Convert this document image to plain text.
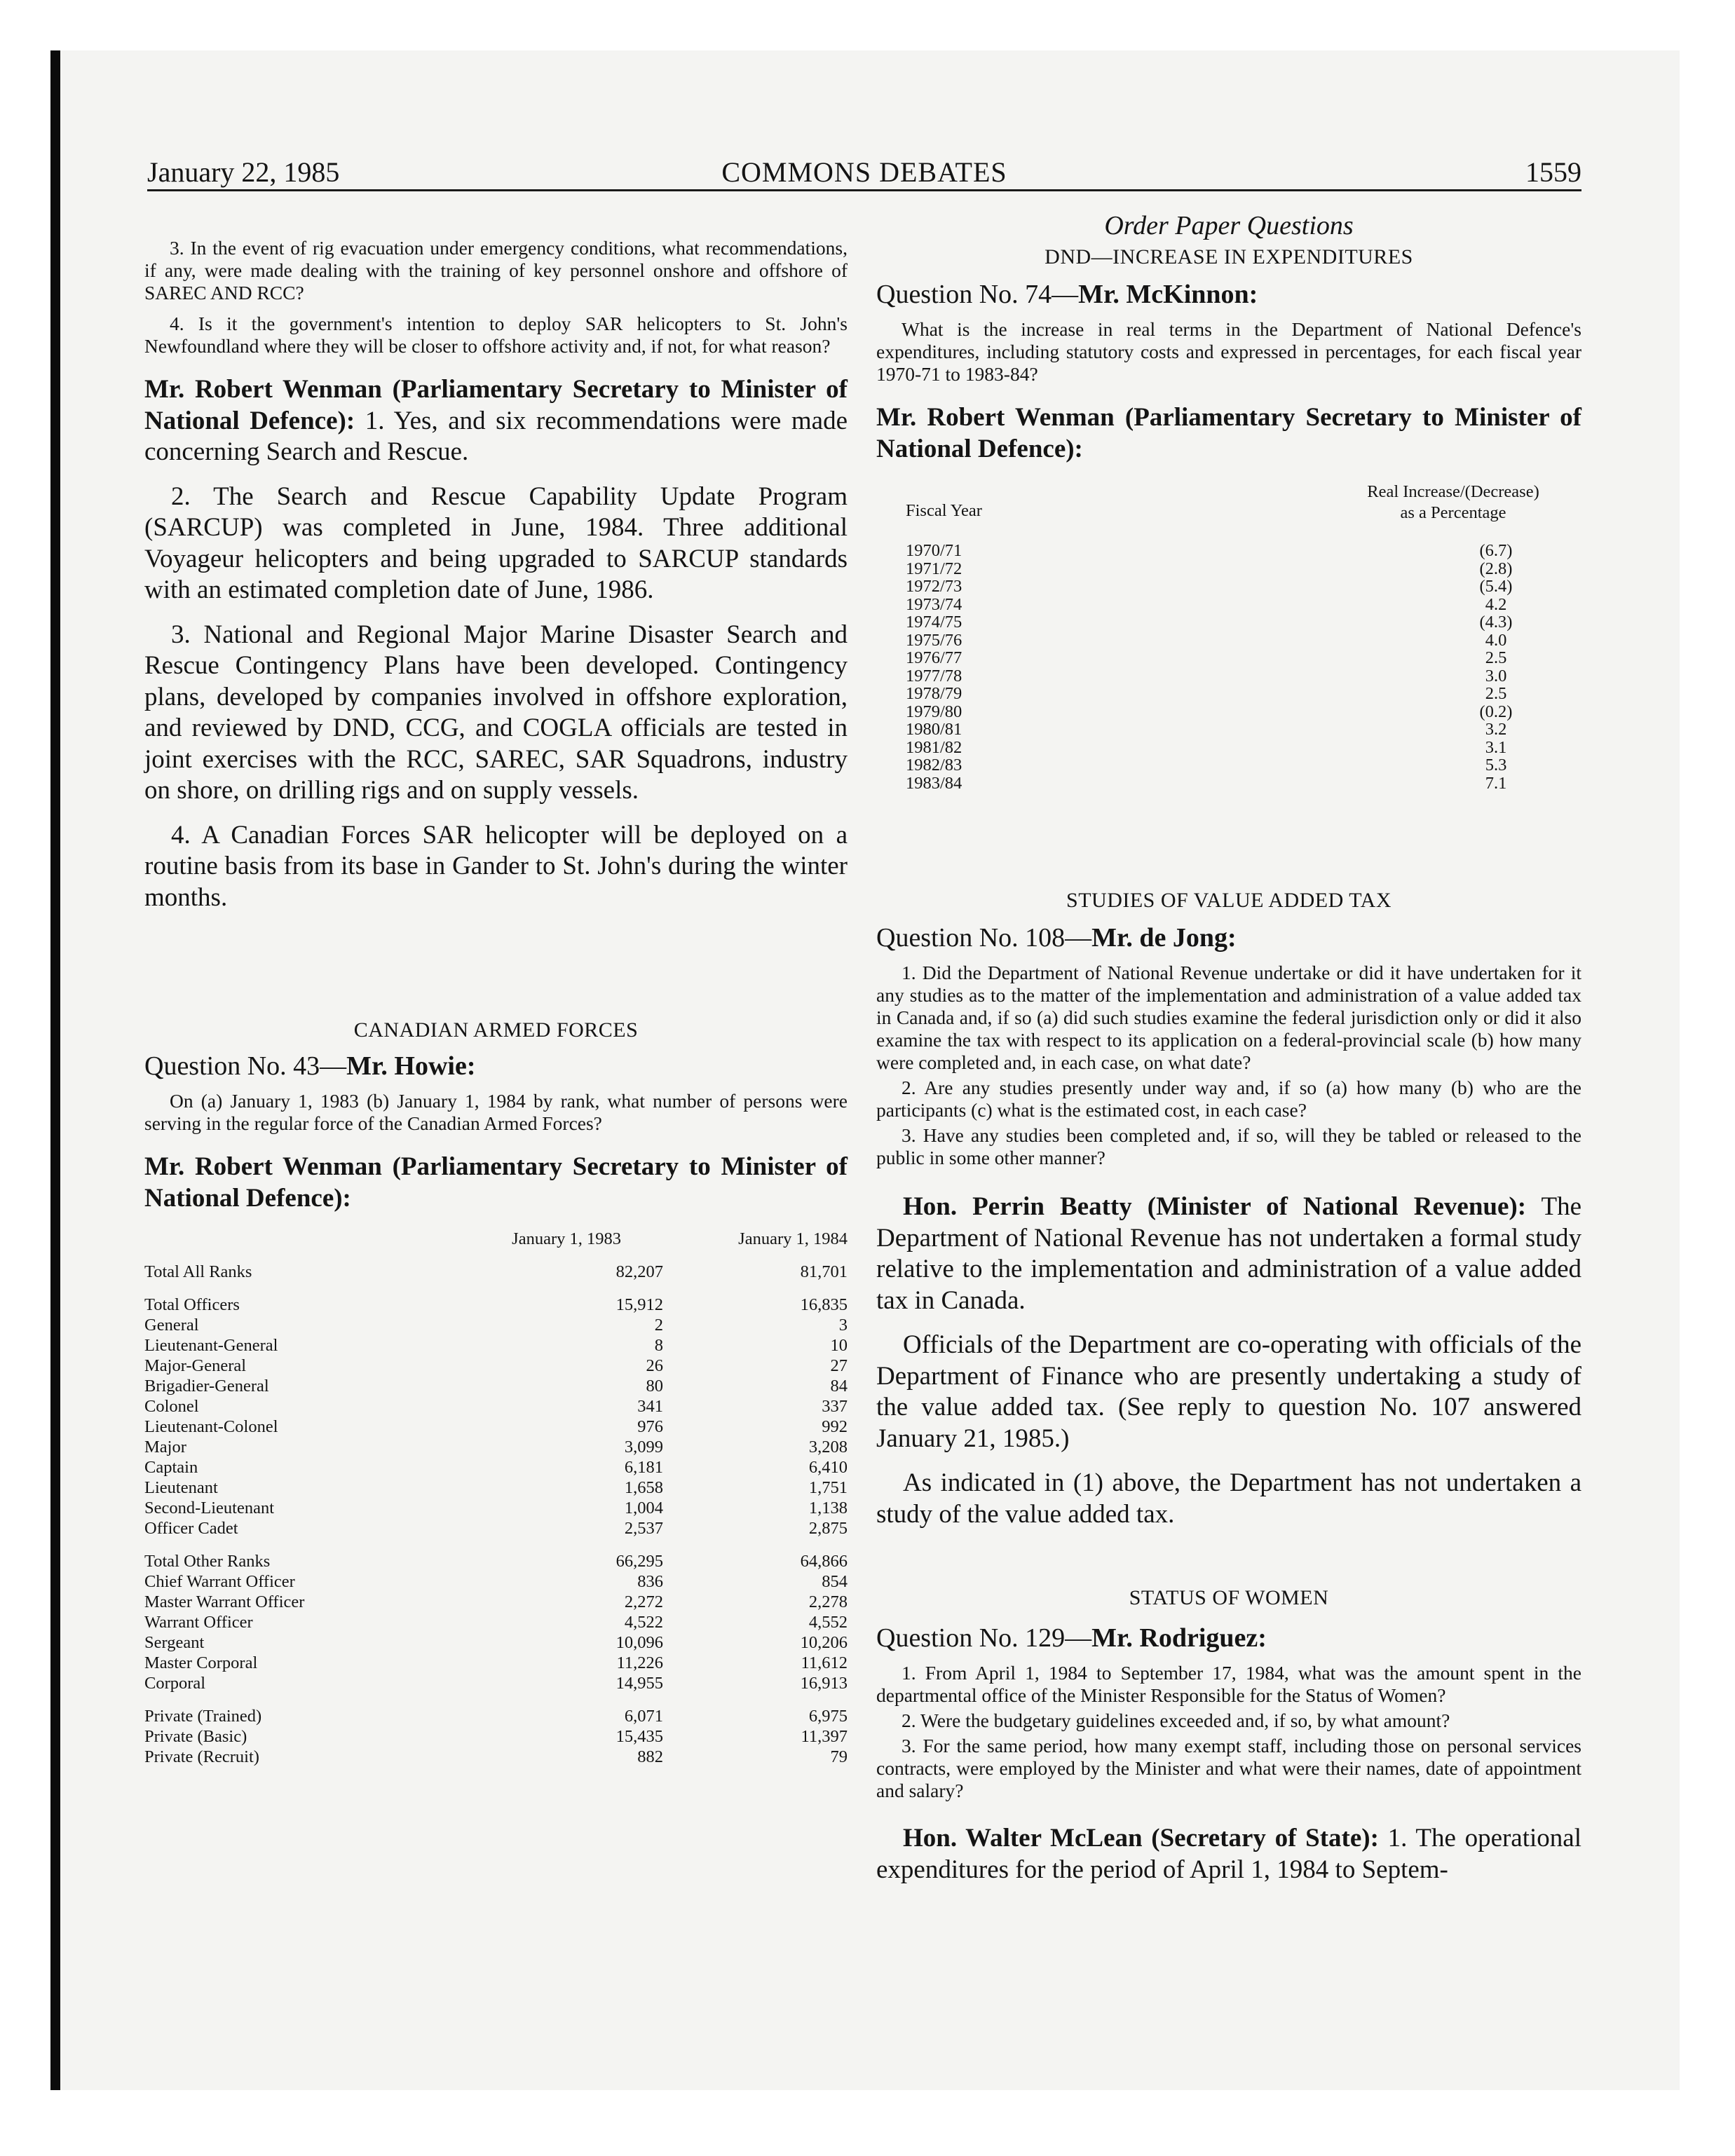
COMMONS DEBATES
January 22, 1985	1559

3. In the event of rig evacuation under emergency conditions, what recommendations, if any, were made dealing with the training of key personnel onshore and offshore of SAREC AND RCC?

4. Is it the government's intention to deploy SAR helicopters to St. John's Newfoundland where they will be closer to offshore activity and, if not, for what reason?

Mr. Robert Wenman (Parliamentary Secretary to Minister of National Defence): 1. Yes, and six recommendations were made concerning Search and Rescue.

2. The Search and Rescue Capability Update Program (SARCUP) was completed in June, 1984. Three additional Voyageur helicopters and being upgraded to SARCUP standards with an estimated completion date of June, 1986.

3. National and Regional Major Marine Disaster Search and Rescue Contingency Plans have been developed. Contingency plans, developed by companies involved in offshore exploration, and reviewed by DND, CCG, and COGLA officials are tested in joint exercises with the RCC, SAREC, SAR Squadrons, industry on shore, on drilling rigs and on supply vessels.

4. A Canadian Forces SAR helicopter will be deployed on a routine basis from its base in Gander to St. John's during the winter months.

CANADIAN ARMED FORCES
Question No. 43—Mr. Howie:

On (a) January 1, 1983 (b) January 1, 1984 by rank, what number of persons were serving in the regular force of the Canadian Armed Forces?

Mr. Robert Wenman (Parliamentary Secretary to Minister of National Defence):

January 1, 1983	January 1, 1984
Total All Ranks	82,207	81,701

Total Officers	15,912	16,835
General	2	3
Lieutenant-General	8	10
Major-General	26	27
Brigadier-General	80	84
Colonel	341	337
Lieutenant-Colonel	976	992
Major	3,099	3,208
Captain	6,181	6,410
Lieutenant	1,658	1,751
Second-Lieutenant	1,004	1,138
Officer Cadet	2,537	2,875

Total Other Ranks	66,295	64,866
Chief Warrant Officer	836	854
Master Warrant Officer	2,272	2,278
Warrant Officer	4,522	4,552
Sergeant	10,096	10,206
Master Corporal	11,226	11,612
Corporal	14,955	16,913

Private (Trained)	6,071	6,975
Private (Basic)	15,435	11,397
Private (Recruit)	882	79
Order Paper Questions
DND—INCREASE IN EXPENDITURES
Question No. 74—Mr. McKinnon:

What is the increase in real terms in the Department of National Defence's expenditures, including statutory costs and expressed in percentages, for each fiscal year 1970-71 to 1983-84?

Mr. Robert Wenman (Parliamentary Secretary to Minister of National Defence):

Fiscal Year
Real Increase/(Decrease)
as a Percentage
1970/71	(6.7)
1971/72	(2.8)
1972/73	(5.4)
1973/74	4.2
1974/75	(4.3)
1975/76	4.0
1976/77	2.5
1977/78	3.0
1978/79	2.5
1979/80	(0.2)
1980/81	3.2
1981/82	3.1
1982/83	5.3
1983/84	7.1
STUDIES OF VALUE ADDED TAX
Question No. 108—Mr. de Jong:

1. Did the Department of National Revenue undertake or did it have undertaken for it any studies as to the matter of the implementation and administration of a value added tax in Canada and, if so (a) did such studies examine the federal jurisdiction only or did it also examine the tax with respect to its application on a federal-provincial scale (b) how many were completed and, in each case, on what date?

2. Are any studies presently under way and, if so (a) how many (b) who are the participants (c) what is the estimated cost, in each case?

3. Have any studies been completed and, if so, will they be tabled or released to the public in some other manner?

Hon. Perrin Beatty (Minister of National Revenue): The Department of National Revenue has not undertaken a formal study relative to the implementation and administration of a value added tax in Canada.

Officials of the Department are co-operating with officials of the Department of Finance who are presently undertaking a study of the value added tax. (See reply to question No. 107 answered January 21, 1985.)

As indicated in (1) above, the Department has not undertaken a study of the value added tax.

STATUS OF WOMEN
Question No. 129—Mr. Rodriguez:

1. From April 1, 1984 to September 17, 1984, what was the amount spent in the departmental office of the Minister Responsible for the Status of Women?

2. Were the budgetary guidelines exceeded and, if so, by what amount?

3. For the same period, how many exempt staff, including those on personal services contracts, were employed by the Minister and what were their names, date of appointment and salary?

Hon. Walter McLean (Secretary of State): 1. The operational expenditures for the period of April 1, 1984 to Septem-
